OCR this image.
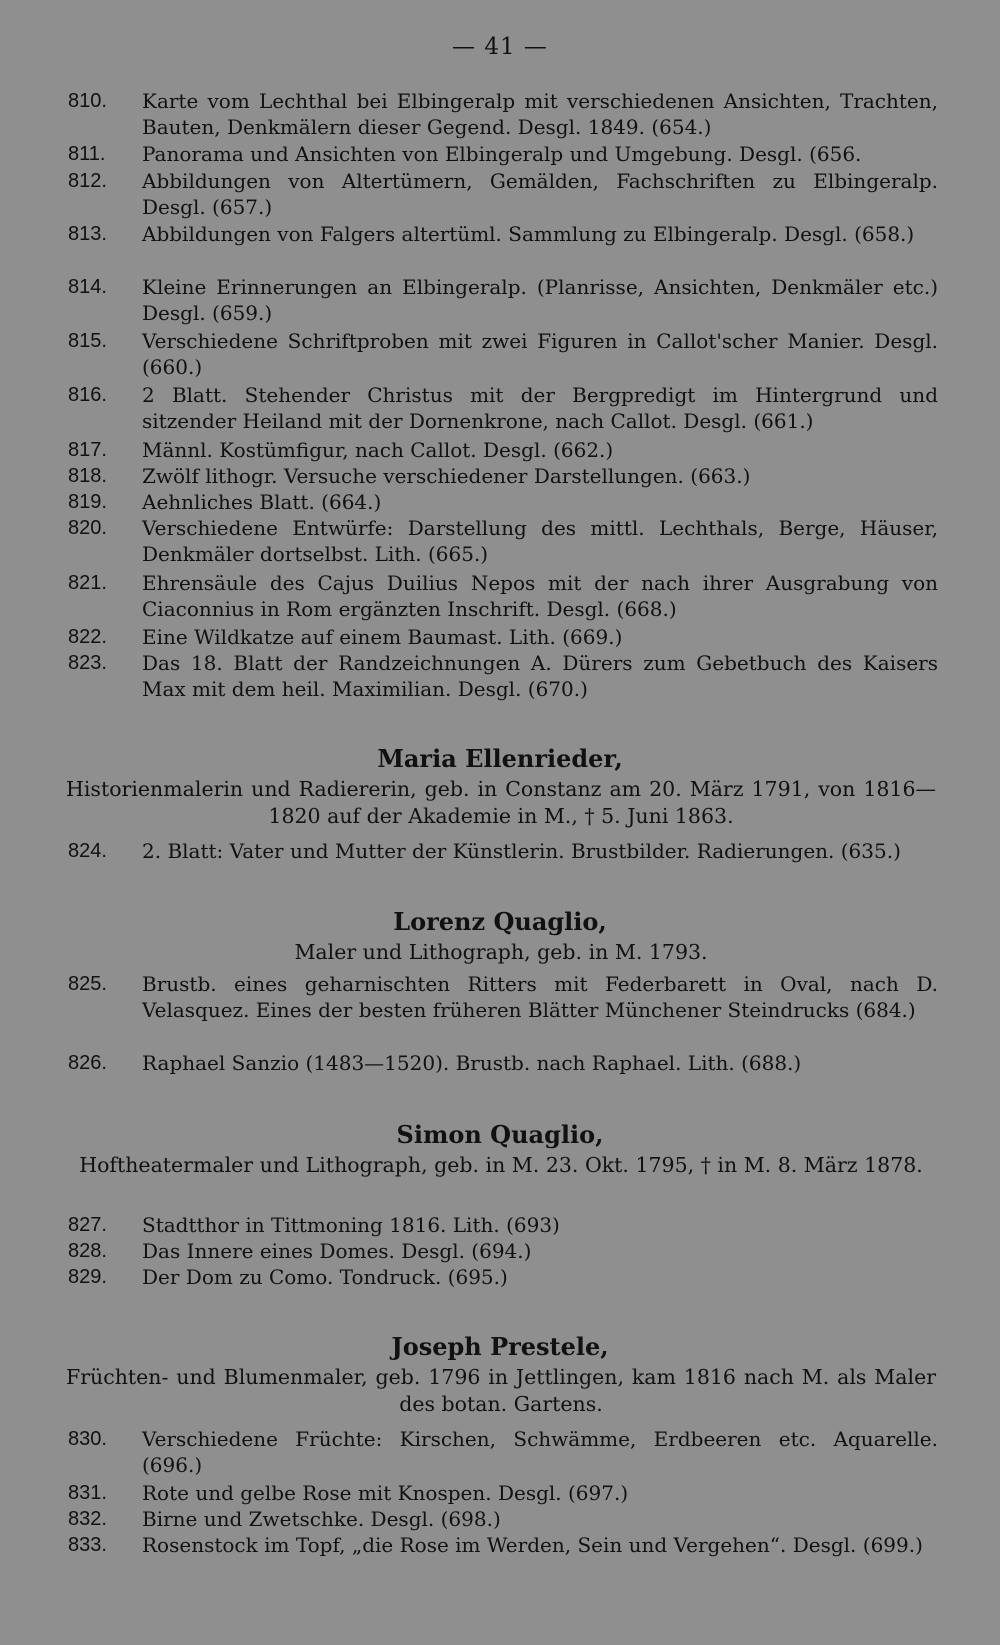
— 41 —
810.	Karte vom Lechthal bei Elbingeralp mit verschiedenen Ansichten, Trachten, Bauten, Denkmälern dieser Gegend. Desgl. 1849. (654.)
811.	Panorama und Ansichten von Elbingeralp und Umgebung. Desgl. (656.
812.	Abbildungen von Altertümern, Gemälden, Fachschriften zu Elbingeralp. Desgl. (657.)
813.	Abbildungen von Falgers altertüml. Sammlung zu Elbingeralp. Desgl. (658.)
814.	Kleine Erinnerungen an Elbingeralp. (Planrisse, Ansichten, Denkmäler etc.) Desgl. (659.)
815.	Verschiedene Schriftproben mit zwei Figuren in Callot'scher Manier. Desgl. (660.)
816.	2 Blatt. Stehender Christus mit der Bergpredigt im Hintergrund und sitzender Heiland mit der Dornenkrone, nach Callot. Desgl. (661.)
817.	Männl. Kostümfigur, nach Callot. Desgl. (662.)
818.	Zwölf lithogr. Versuche verschiedener Darstellungen. (663.)
819.	Aehnliches Blatt. (664.)
820.	Verschiedene Entwürfe: Darstellung des mittl. Lechthals, Berge, Häuser, Denkmäler dortselbst. Lith. (665.)
821.	Ehrensäule des Cajus Duilius Nepos mit der nach ihrer Ausgrabung von Ciaconnius in Rom ergänzten Inschrift. Desgl. (668.)
822.	Eine Wildkatze auf einem Baumast. Lith. (669.)
823.	Das 18. Blatt der Randzeichnungen A. Dürers zum Gebetbuch des Kaisers Max mit dem heil. Maximilian. Desgl. (670.)
Maria Ellenrieder,
Historienmalerin und Radiererin, geb. in Constanz am 20. März 1791, von 1816—1820 auf der Akademie in M., † 5. Juni 1863.
824.	2. Blatt: Vater und Mutter der Künstlerin. Brustbilder. Radierungen. (635.)
Lorenz Quaglio,
Maler und Lithograph, geb. in M. 1793.
825.	Brustb. eines geharnischten Ritters mit Federbarett in Oval, nach D. Velasquez. Eines der besten früheren Blätter Münchener Steindrucks (684.)
826.	Raphael Sanzio (1483—1520). Brustb. nach Raphael. Lith. (688.)
Simon Quaglio,
Hoftheatermaler und Lithograph, geb. in M. 23. Okt. 1795, † in M. 8. März 1878.
827.	Stadtthor in Tittmoning 1816. Lith. (693)
828.	Das Innere eines Domes. Desgl. (694.)
829.	Der Dom zu Como. Tondruck. (695.)
Joseph Prestele,
Früchten- und Blumenmaler, geb. 1796 in Jettlingen, kam 1816 nach M. als Maler des botan. Gartens.
830.	Verschiedene Früchte: Kirschen, Schwämme, Erdbeeren etc. Aquarelle. (696.)
831.	Rote und gelbe Rose mit Knospen. Desgl. (697.)
832.	Birne und Zwetschke. Desgl. (698.)
833.	Rosenstock im Topf, „die Rose im Werden, Sein und Vergehen“. Desgl. (699.)
